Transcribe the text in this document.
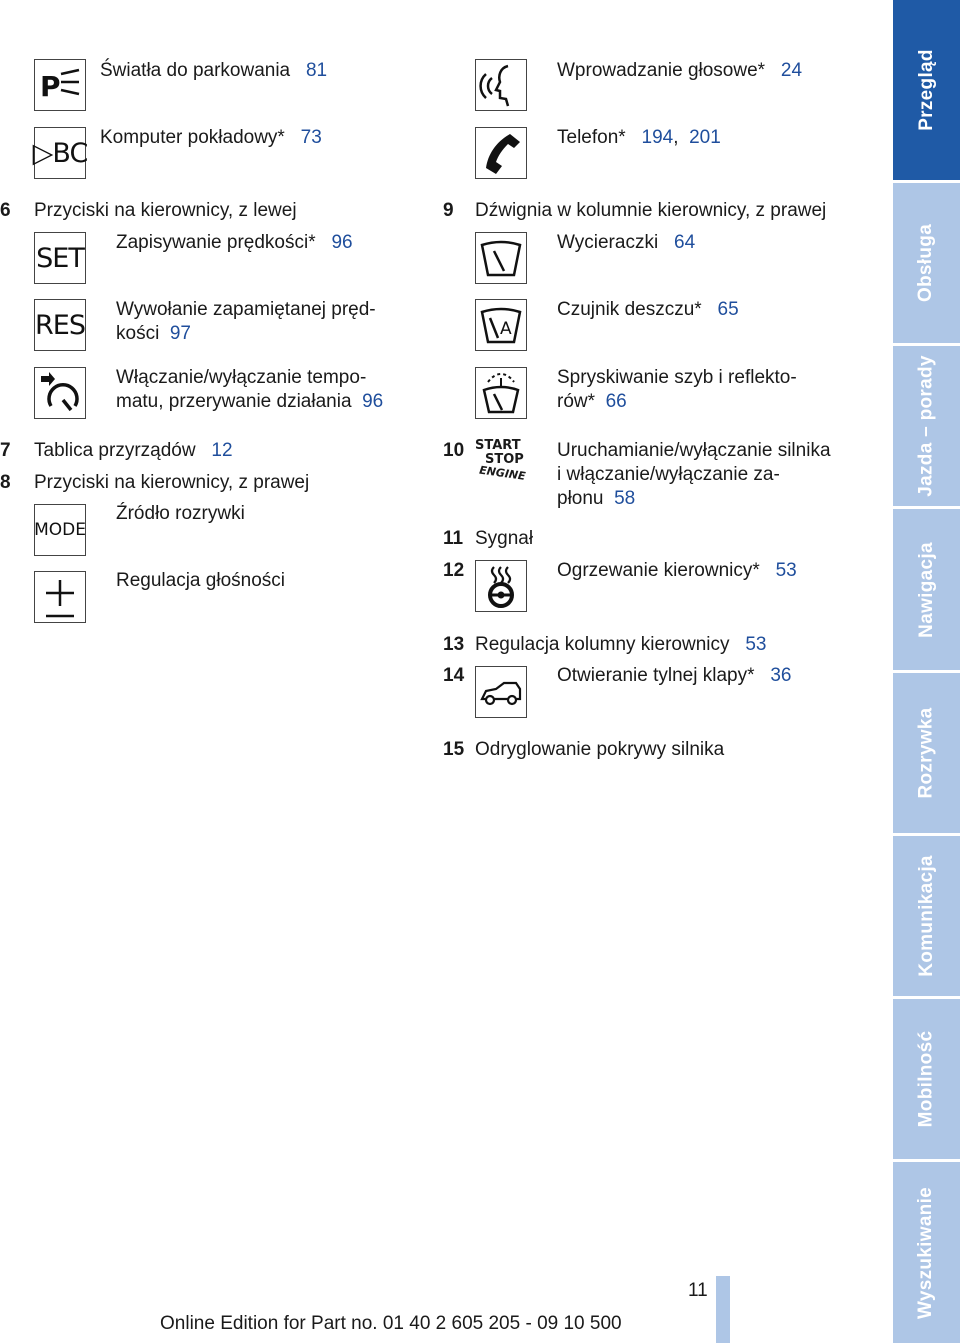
P Światła do parkowania 81
▷BC Komputer pokładowy* 73
6 Przyciski na kierownicy, z lewej
SET Zapisywanie prędkości* 96
RES Wywołanie zapamiętanej pręd-
kości 97
Włączanie/wyłączanie tempo-
matu, przerywanie działania 96
7 Tablica przyrządów 12
8 Przyciski na kierownicy, z prawej
MODE
Źródło rozrywki
Regulacja głośności
Wprowadzanie głosowe* 24
Telefon* 194, 201
9 Dźwignia w kolumnie kierownicy, z prawej
Wycieraczki 64
A
Czujnik deszczu* 65
Spryskiwanie szyb i reflekto-
rów* 66
10 START
STOP
ENGINE
Uruchamianie/wyłączanie silnika
i włączanie/wyłączanie za-
płonu 58
11 Sygnał
12	Ogrzewanie kierownicy* 53
13 Regulacja kolumny kierownicy 53
14	Otwieranie tylnej klapy* 36
15 Odryglowanie pokrywy silnika
Przegląd
Obsługa
Jazda – porady
Nawigacja
Rozrywka
Komunikacja
Mobilność
Wyszukiwanie
11
Online Edition for Part no. 01 40 2 605 205 - 09 10 500
